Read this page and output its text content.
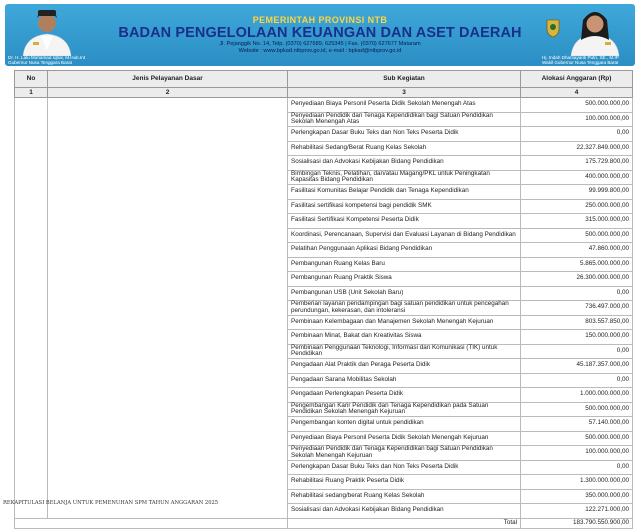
PEMERINTAH PROVINSI NTB
BADAN PENGELOLAAN KEUANGAN DAN ASET DAERAH
Jl. Pejanggik No. 14, Telp. (0370) 627689, 625345 | Fax. (0370) 627677 Mataram
Website : www.bpkad.ntbprov.go.id, e-mail : bpkad@ntbprov.go.id
Dr. H. Lalu Muhamad Iqbal, M.Hub.Int
Gubernur Nusa Tenggara Barat
Hj. Indah Dhamayanti Putri, SE., M.IP
Wakil Gubernur Nusa Tenggara Barat
No	Jenis Pelayanan Dasar	Sub Kegiatan	Alokasi Anggaran (Rp)
1	2	3	4
		Penyediaan Biaya Personil Peserta Didik Sekolah Menengah Atas	500.000.000,00
		Penyediaan Pendidik dan Tenaga Kependidikan bagi Satuan Pendidikan Sekolah Menengah Atas	100.000.000,00
		Perlengkapan Dasar Buku Teks dan Non Teks Peserta Didik	0,00
		Rehabilitasi Sedang/Berat Ruang Kelas Sekolah	22.327.849.000,00
		Sosialisasi dan Advokasi Kebijakan Bidang Pendidikan	175.729.800,00
		Bimbingan Teknis, Pelatihan, dan/atau Magang/PKL untuk Peningkatan Kapasitas Bidang Pendidikan	400.000.000,00
		Fasilitasi Komunitas Belajar Pendidik dan Tenaga Kependidikan	99.999.800,00
		Fasilitasi sertifikasi kompetensi bagi pendidik SMK	250.000.000,00
		Fasilitasi Sertifikasi Kompetensi Peserta Didik	315.000.000,00
		Koordinasi, Perencanaan, Supervisi dan Evaluasi Layanan di Bidang Pendidikan	500.000.000,00
		Pelatihan Penggunaan Aplikasi Bidang Pendidikan	47.860.000,00
		Pembangunan Ruang Kelas Baru	5.865.000.000,00
		Pembangunan Ruang Praktik Siswa	26.300.000.000,00
		Pembangunan USB (Unit Sekolah Baru)	0,00
		Pemberian layanan pendampingan bagi satuan pendidikan untuk pencegahan perundungan, kekerasan, dan intoleransi	736.497.000,00
		Pembinaan Kelembagaan dan Manajemen Sekolah Menengah Kejuruan	803.557.850,00
		Pembinaan Minat, Bakat dan Kreativitas Siswa	150.000.000,00
		Pembinaan Penggunaan Teknologi, Informasi dan Komunikasi (TIK) untuk Pendidikan	0,00
		Pengadaan Alat Praktik dan Peraga Peserta Didik	45.187.357.000,00
		Pengadaan Sarana Mobilitas Sekolah	0,00
		Pengadaan Perlengkapan Peserta Didik	1.000.000.000,00
		Pengembangan Karir Pendidik dan Tenaga Kependidikan pada Satuan Pendidikan Sekolah Menengah Kejuruan	500.000.000,00
		Pengembangan konten digital untuk pendidikan	57.140.000,00
		Penyediaan Biaya Personil Peserta Didik Sekolah Menengah Kejuruan	500.000.000,00
		Penyediaan Pendidik dan Tenaga Kependidikan bagi Satuan Pendidikan Sekolah Menengah Kejuruan	100.000.000,00
		Perlengkapan Dasar Buku Teks dan Non Teks Peserta Didik	0,00
		Rehabilitasi Ruang Praktik Peserta Didik	1.300.000.000,00
		Rehabilitasi sedang/berat Ruang Kelas Sekolah	350.000.000,00
		Sosialisasi dan Advokasi Kebijakan Bidang Pendidikan	122.271.000,00
		Total	183.790.550.900,00
REKAPITULASI BELANJA UNTUK PEMENUHAN SPM TAHUN ANGGARAN 2025
